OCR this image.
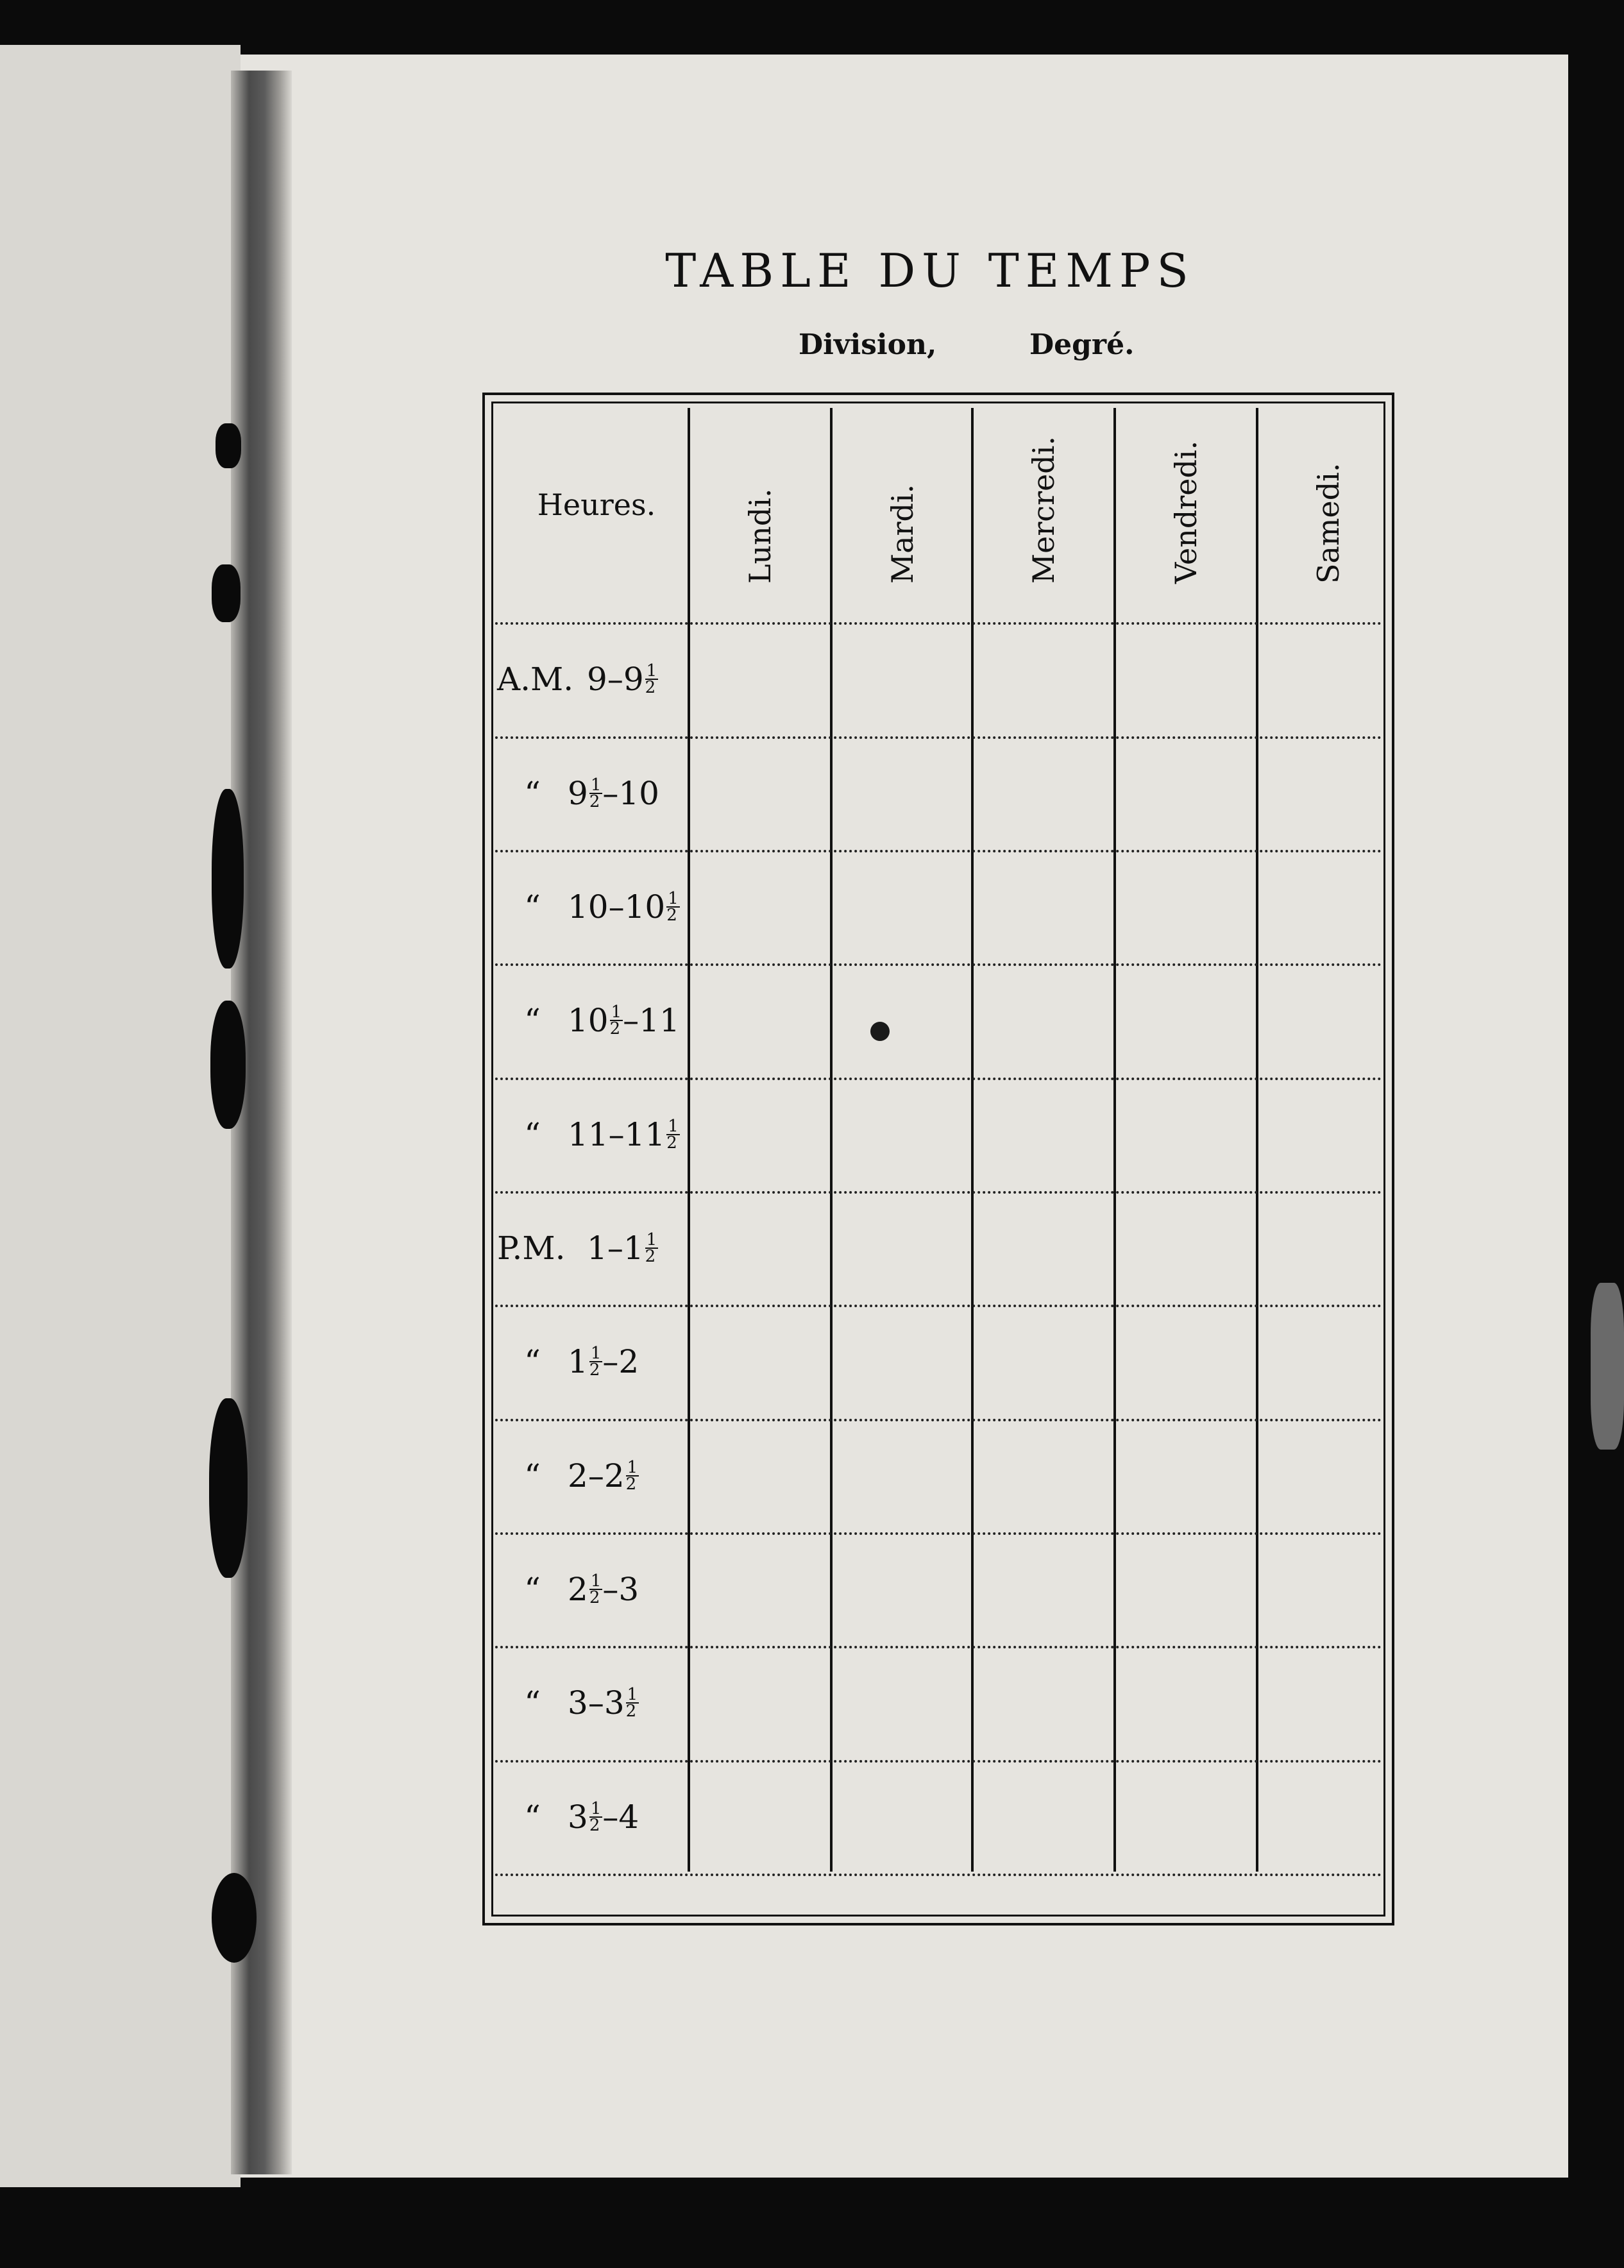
TABLE DU TEMPS
Division,	Degré.
Heures.	Lundi.	Mardi.	Mercredi.	Vendredi.	Samedi.
A.M. $9 - 9 \frac{1}{2}$
“ $9 \frac{1}{2} - 10$
“ $10 - 10 \frac{1}{2}$
“ $10 \frac{1}{2} - 11$
“ $11 - 11 \frac{1}{2}$
P.M. $1 - 1 \frac{1}{2}$
“ $1 \frac{1}{2} - 2$
“ $2 - 2 \frac{1}{2}$
“ $2 \frac{1}{2} - 3$
“ $3 - 3 \frac{1}{2}$
“ $3 \frac{1}{2} - 4$
